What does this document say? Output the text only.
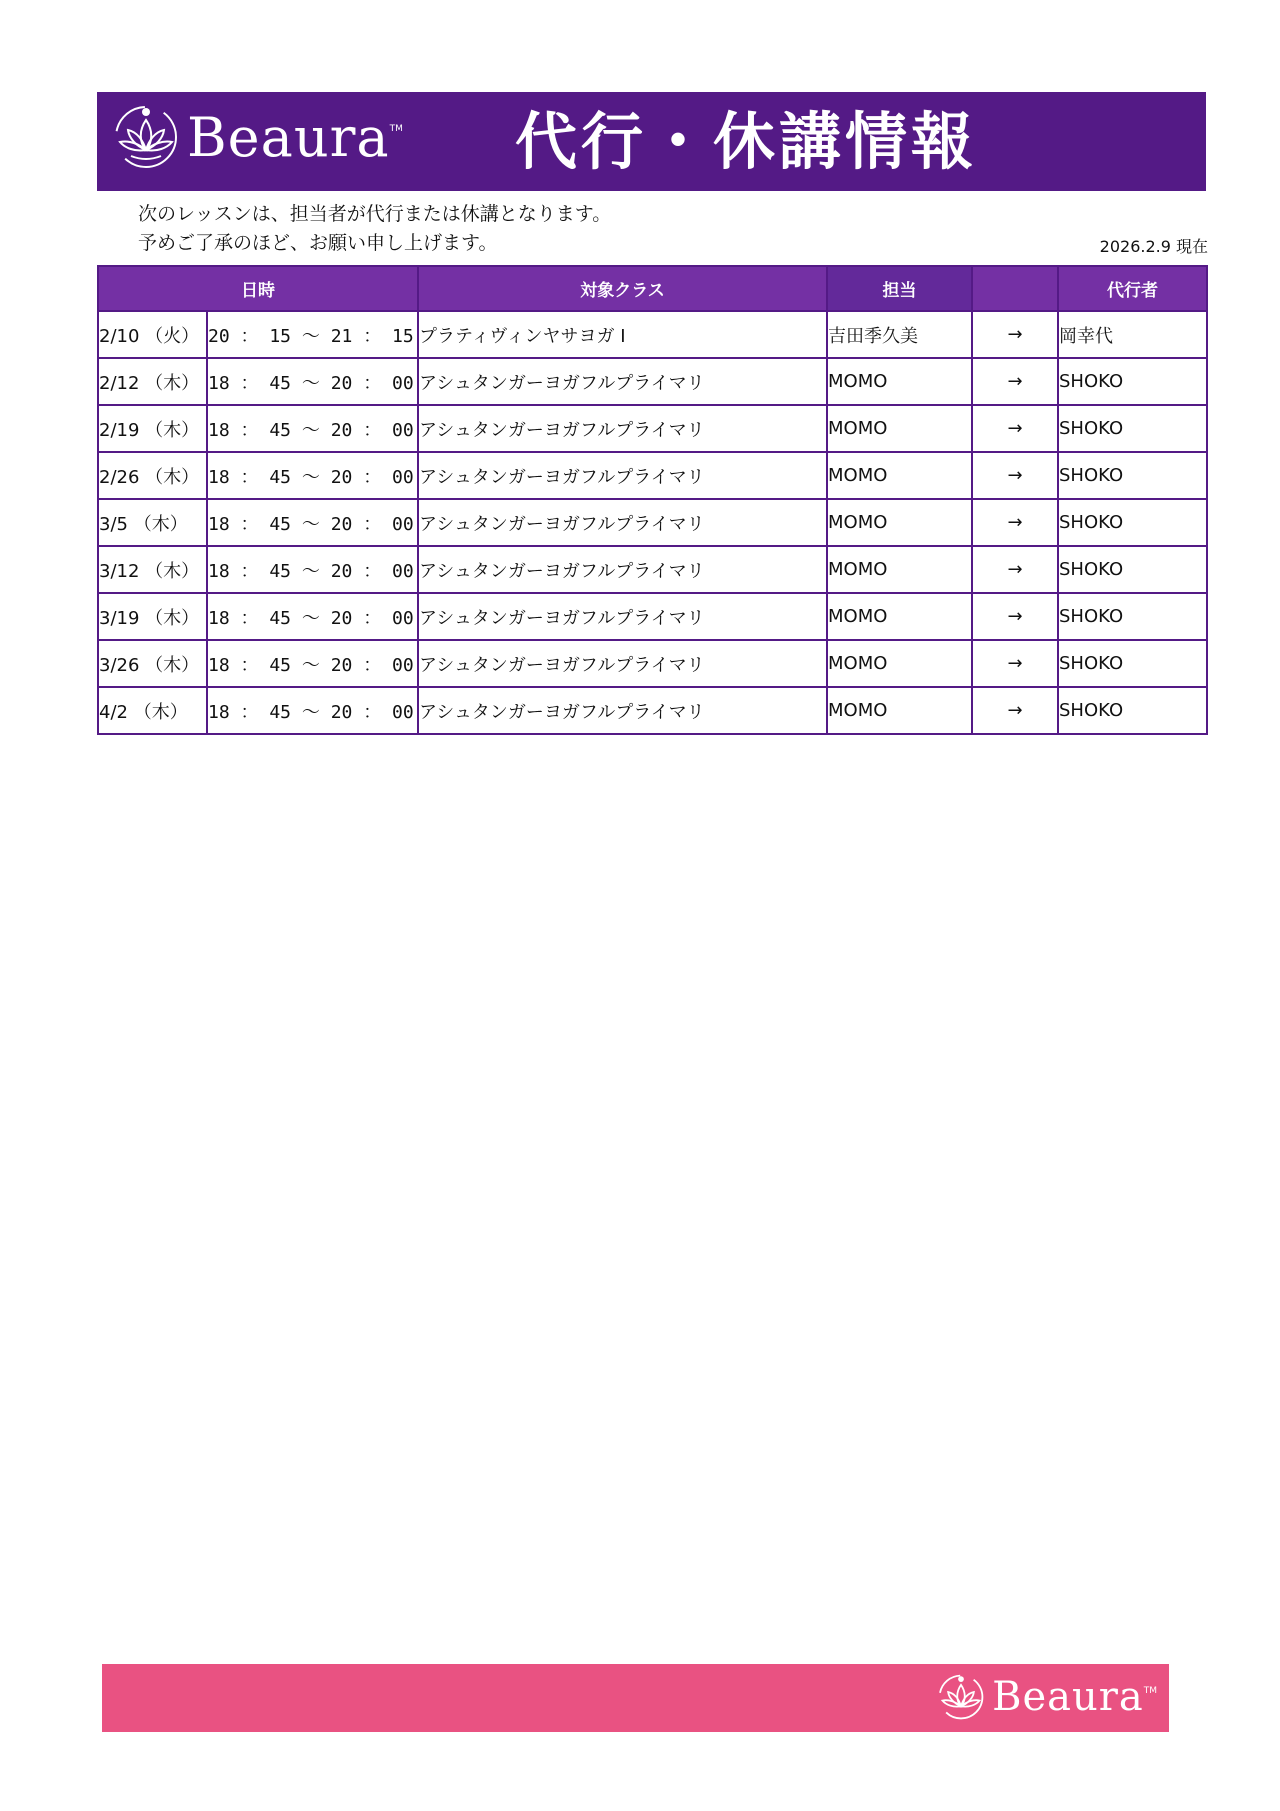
Beaura TM 代行・休講情報
次のレッスンは、担当者が代行または休講となります。
予めご了承のほど、お願い申し上げます。	2026.2.9 現在
日時		対象クラス	担当		代行者
2/10 （火）	20 ： 15 ～ 21 ： 15	プラティヴィンヤサヨガ I	吉田季久美	→	岡幸代
2/12 （木）	18 ： 45 ～ 20 ： 00	アシュタンガーヨガフルプライマリ	MOMO	→	SHOKO
2/19 （木）	18 ： 45 ～ 20 ： 00	アシュタンガーヨガフルプライマリ	MOMO	→	SHOKO
2/26 （木）	18 ： 45 ～ 20 ： 00	アシュタンガーヨガフルプライマリ	MOMO	→	SHOKO
3/5 （木）	18 ： 45 ～ 20 ： 00	アシュタンガーヨガフルプライマリ	MOMO	→	SHOKO
3/12 （木）	18 ： 45 ～ 20 ： 00	アシュタンガーヨガフルプライマリ	MOMO	→	SHOKO
3/19 （木）	18 ： 45 ～ 20 ： 00	アシュタンガーヨガフルプライマリ	MOMO	→	SHOKO
3/26 （木）	18 ： 45 ～ 20 ： 00	アシュタンガーヨガフルプライマリ	MOMO	→	SHOKO
4/2 （木）	18 ： 45 ～ 20 ： 00	アシュタンガーヨガフルプライマリ	MOMO	→	SHOKO
Beaura TM
